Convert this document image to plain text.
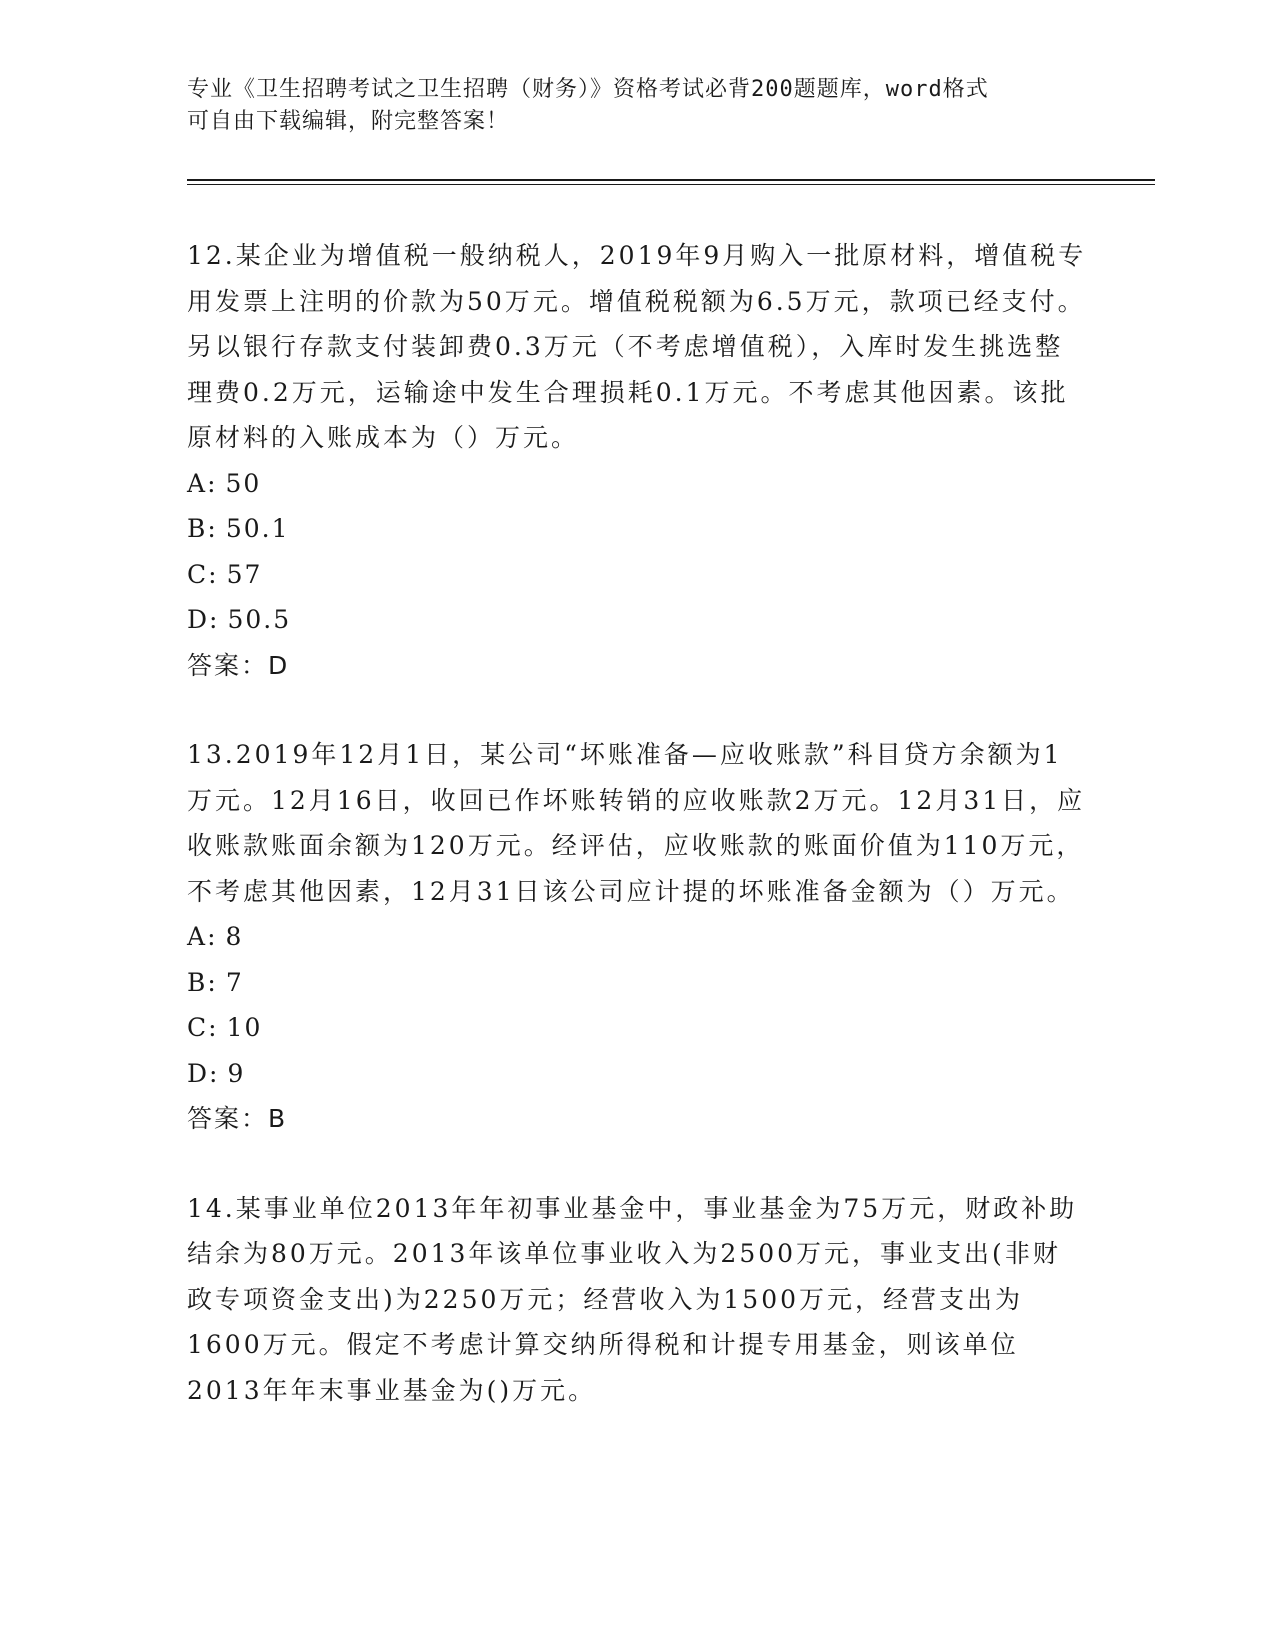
专业《卫生招聘考试之卫生招聘（财务）》资格考试必背200题题库，word格式
可自由下载编辑，附完整答案！

12.某企业为增值税一般纳税人，2019年9月购入一批原材料，增值税专用发票上注明的价款为50万元。增值税税额为6.5万元，款项已经支付。另以银行存款支付装卸费0.3万元（不考虑增值税），入库时发生挑选整理费0.2万元，运输途中发生合理损耗0.1万元。不考虑其他因素。该批原材料的入账成本为（）万元。

A: 50
B: 50.1
C: 57
D: 50.5

答案：D

13.2019年12月1日，某公司“坏账准备—应收账款”科目贷方余额为1万元。12月16日，收回已作坏账转销的应收账款2万元。12月31日，应收账款账面余额为120万元。经评估，应收账款的账面价值为110万元，不考虑其他因素，12月31日该公司应计提的坏账准备金额为（）万元。

A: 8
B: 7
C: 10
D: 9

答案：B

14.某事业单位2013年年初事业基金中，事业基金为75万元，财政补助结余为80万元。2013年该单位事业收入为2500万元，事业支出(非财政专项资金支出)为2250万元；经营收入为1500万元，经营支出为1600万元。假定不考虑计算交纳所得税和计提专用基金，则该单位2013年年末事业基金为()万元。
